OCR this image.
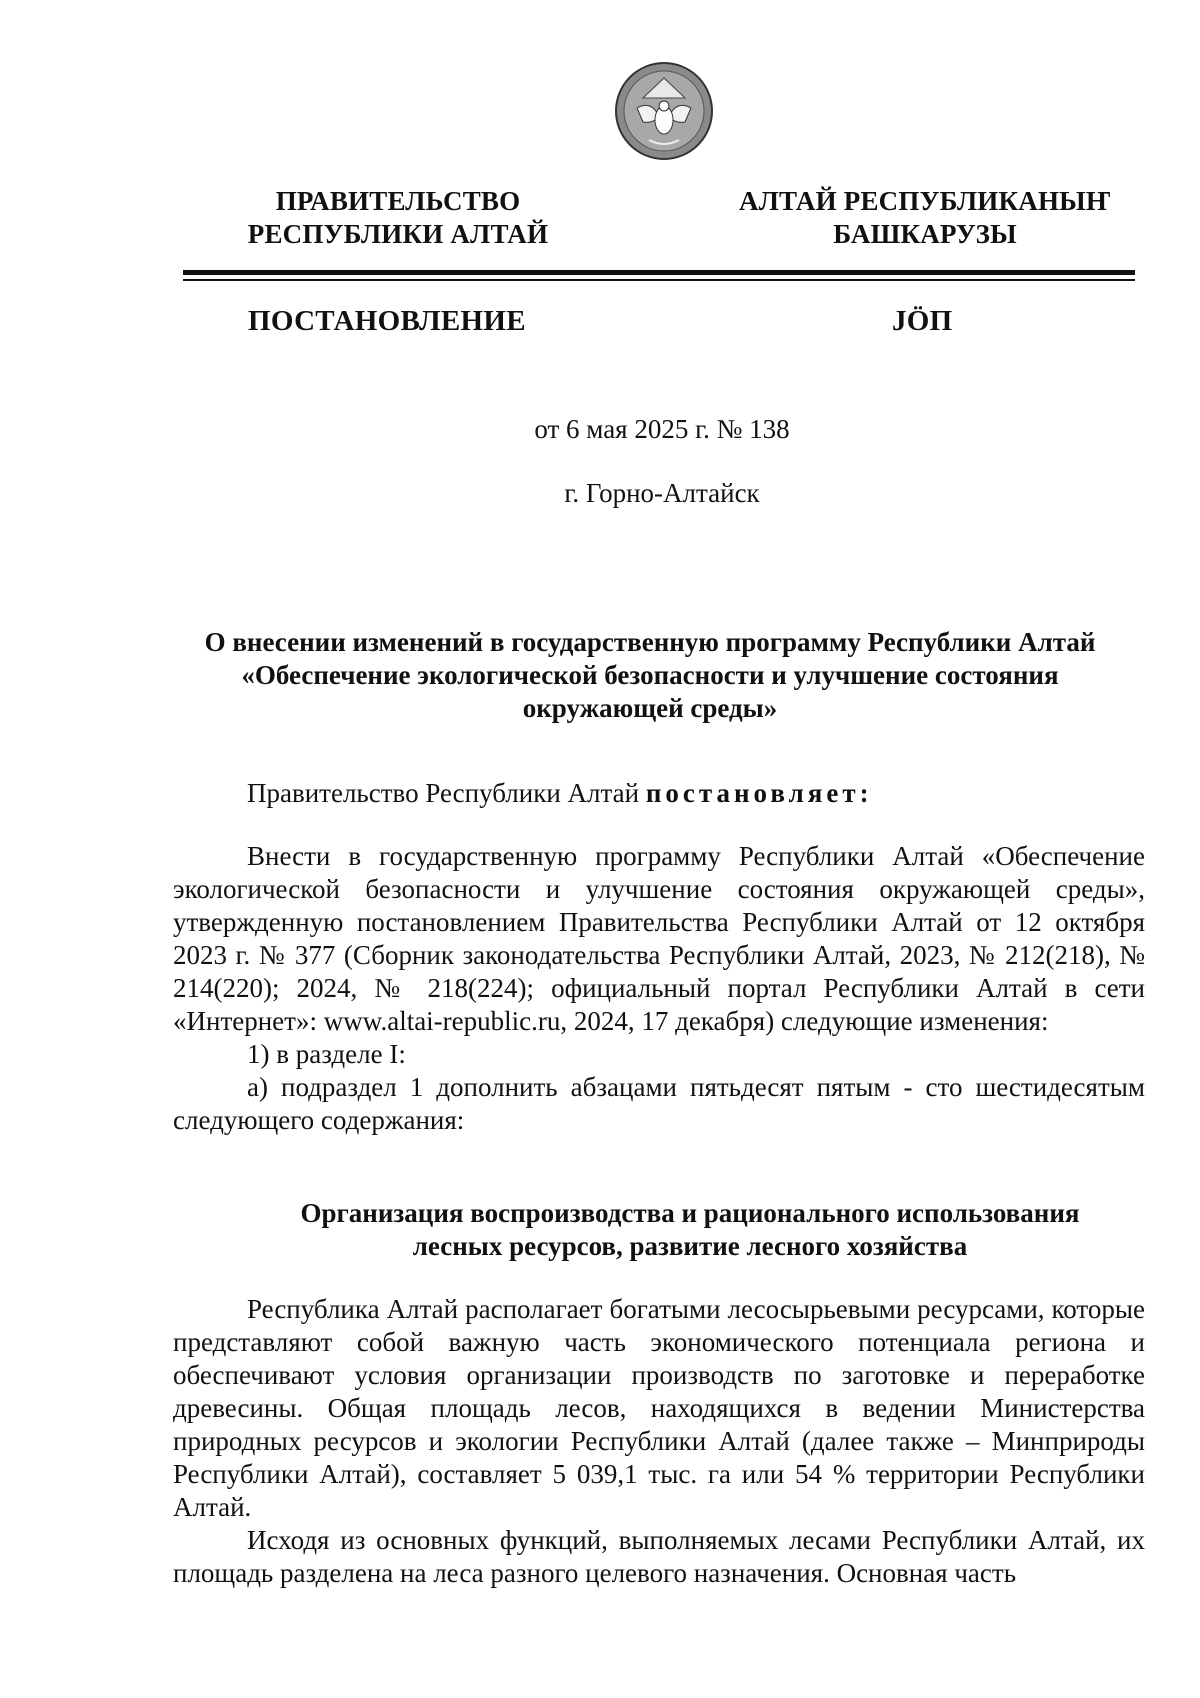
ПРАВИТЕЛЬСТВО
РЕСПУБЛИКИ АЛТАЙ
АЛТАЙ РЕСПУБЛИКАНЫҤ
БАШКАРУЗЫ
ПОСТАНОВЛЕНИЕ	JӦП
от 6 мая 2025 г. № 138
г. Горно-Алтайск
О внесении изменений в государственную программу Республики Алтай
«Обеспечение экологической безопасности и улучшение состояния
окружающей среды»

Правительство Республики Алтай постановляет:

Внести в государственную программу Республики Алтай «Обеспечение экологической безопасности и улучшение состояния окружающей среды», утвержденную постановлением Правительства Республики Алтай от 12 октября 2023 г. № 377 (Сборник законодательства Республики Алтай, 2023, № 212(218), № 214(220); 2024, № 218(224); официальный портал Республики Алтай в сети «Интернет»: www.altai-republic.ru, 2024, 17 декабря) следующие изменения:

1) в разделе I:

а) подраздел 1 дополнить абзацами пятьдесят пятым - сто шестидесятым следующего содержания:

Организация воспроизводства и рационального использования
лесных ресурсов, развитие лесного хозяйства

Республика Алтай располагает богатыми лесосырьевыми ресурсами, которые представляют собой важную часть экономического потенциала региона и обеспечивают условия организации производств по заготовке и переработке древесины. Общая площадь лесов, находящихся в ведении Министерства природных ресурсов и экологии Республики Алтай (далее также – Минприроды Республики Алтай), составляет 5 039,1 тыс. га или 54 % территории Республики Алтай.

Исходя из основных функций, выполняемых лесами Республики Алтай, их площадь разделена на леса разного целевого назначения. Основная часть
